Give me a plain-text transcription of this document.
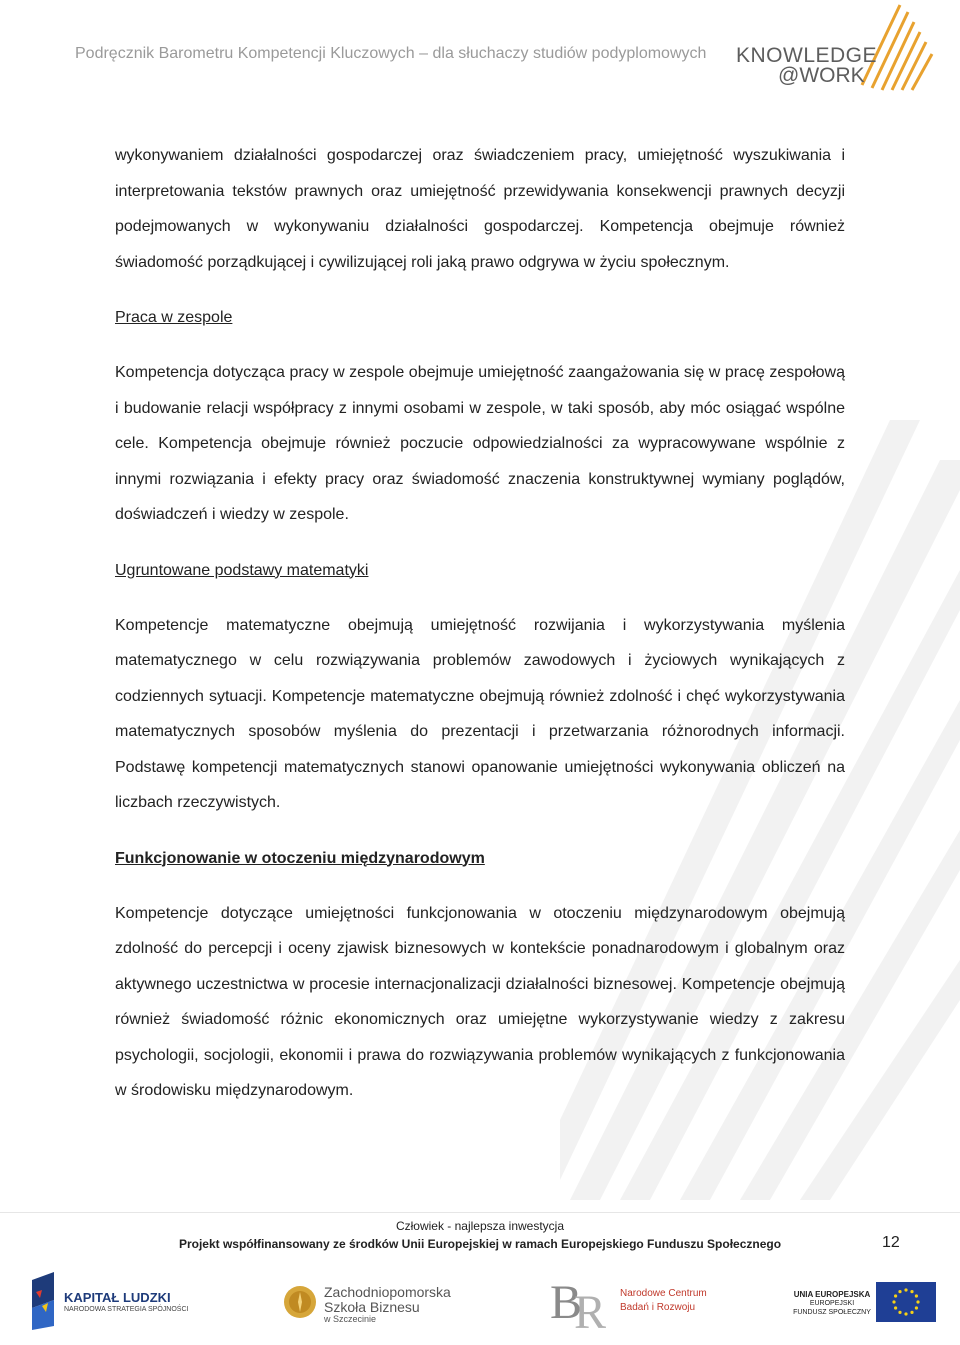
Podręcznik Barometru Kompetencji Kluczowych – dla słuchaczy studiów podyplomowych KNOWLEDGE
@WORK

wykonywaniem działalności gospodarczej oraz świadczeniem pracy, umiejętność wyszukiwania i interpretowania tekstów prawnych oraz umiejętność przewidywania konsekwencji prawnych decyzji podejmowanych w wykonywaniu działalności gospodarczej. Kompetencja obejmuje również świadomość porządkującej i cywilizującej roli jaką prawo odgrywa w życiu społecznym.

Praca w zespole

Kompetencja dotycząca pracy w zespole obejmuje umiejętność zaangażowania się w pracę zespołową i budowanie relacji współpracy z innymi osobami w zespole, w taki sposób, aby móc osiągać wspólne cele. Kompetencja obejmuje również poczucie odpowiedzialności za wypracowywane wspólnie z innymi rozwiązania i efekty pracy oraz świadomość znaczenia konstruktywnej wymiany poglądów, doświadczeń i wiedzy w zespole.

Ugruntowane podstawy matematyki

Kompetencje matematyczne obejmują umiejętność rozwijania i wykorzystywania myślenia matematycznego w celu rozwiązywania problemów zawodowych i życiowych wynikających z codziennych sytuacji. Kompetencje matematyczne obejmują również zdolność i chęć wykorzystywania matematycznych sposobów myślenia do prezentacji i przetwarzania różnorodnych informacji. Podstawę kompetencji matematycznych stanowi opanowanie umiejętności wykonywania obliczeń na liczbach rzeczywistych.

Funkcjonowanie w otoczeniu międzynarodowym

Kompetencje dotyczące umiejętności funkcjonowania w otoczeniu międzynarodowym obejmują zdolność do percepcji i oceny zjawisk biznesowych w kontekście ponadnarodowym i globalnym oraz aktywnego uczestnictwa w procesie internacjonalizacji działalności biznesowej. Kompetencje obejmują również świadomość różnic ekonomicznych oraz umiejętne wykorzystywanie wiedzy z zakresu psychologii, socjologii, ekonomii i prawa do rozwiązywania problemów wynikających z funkcjonowania w środowisku międzynarodowym.

Człowiek - najlepsza inwestycja
Projekt współfinansowany ze środków Unii Europejskiej w ramach Europejskiego Funduszu Społecznego	12
KAPITAŁ LUDZKI
NARODOWA STRATEGIA SPÓJNOŚCI
Zachodniopomorska
Szkoła Biznesu
w Szczecinie	B
R Narodowe Centrum
Badań i Rozwoju
UNIA EUROPEJSKA
EUROPEJSKI
FUNDUSZ SPOŁECZNY
